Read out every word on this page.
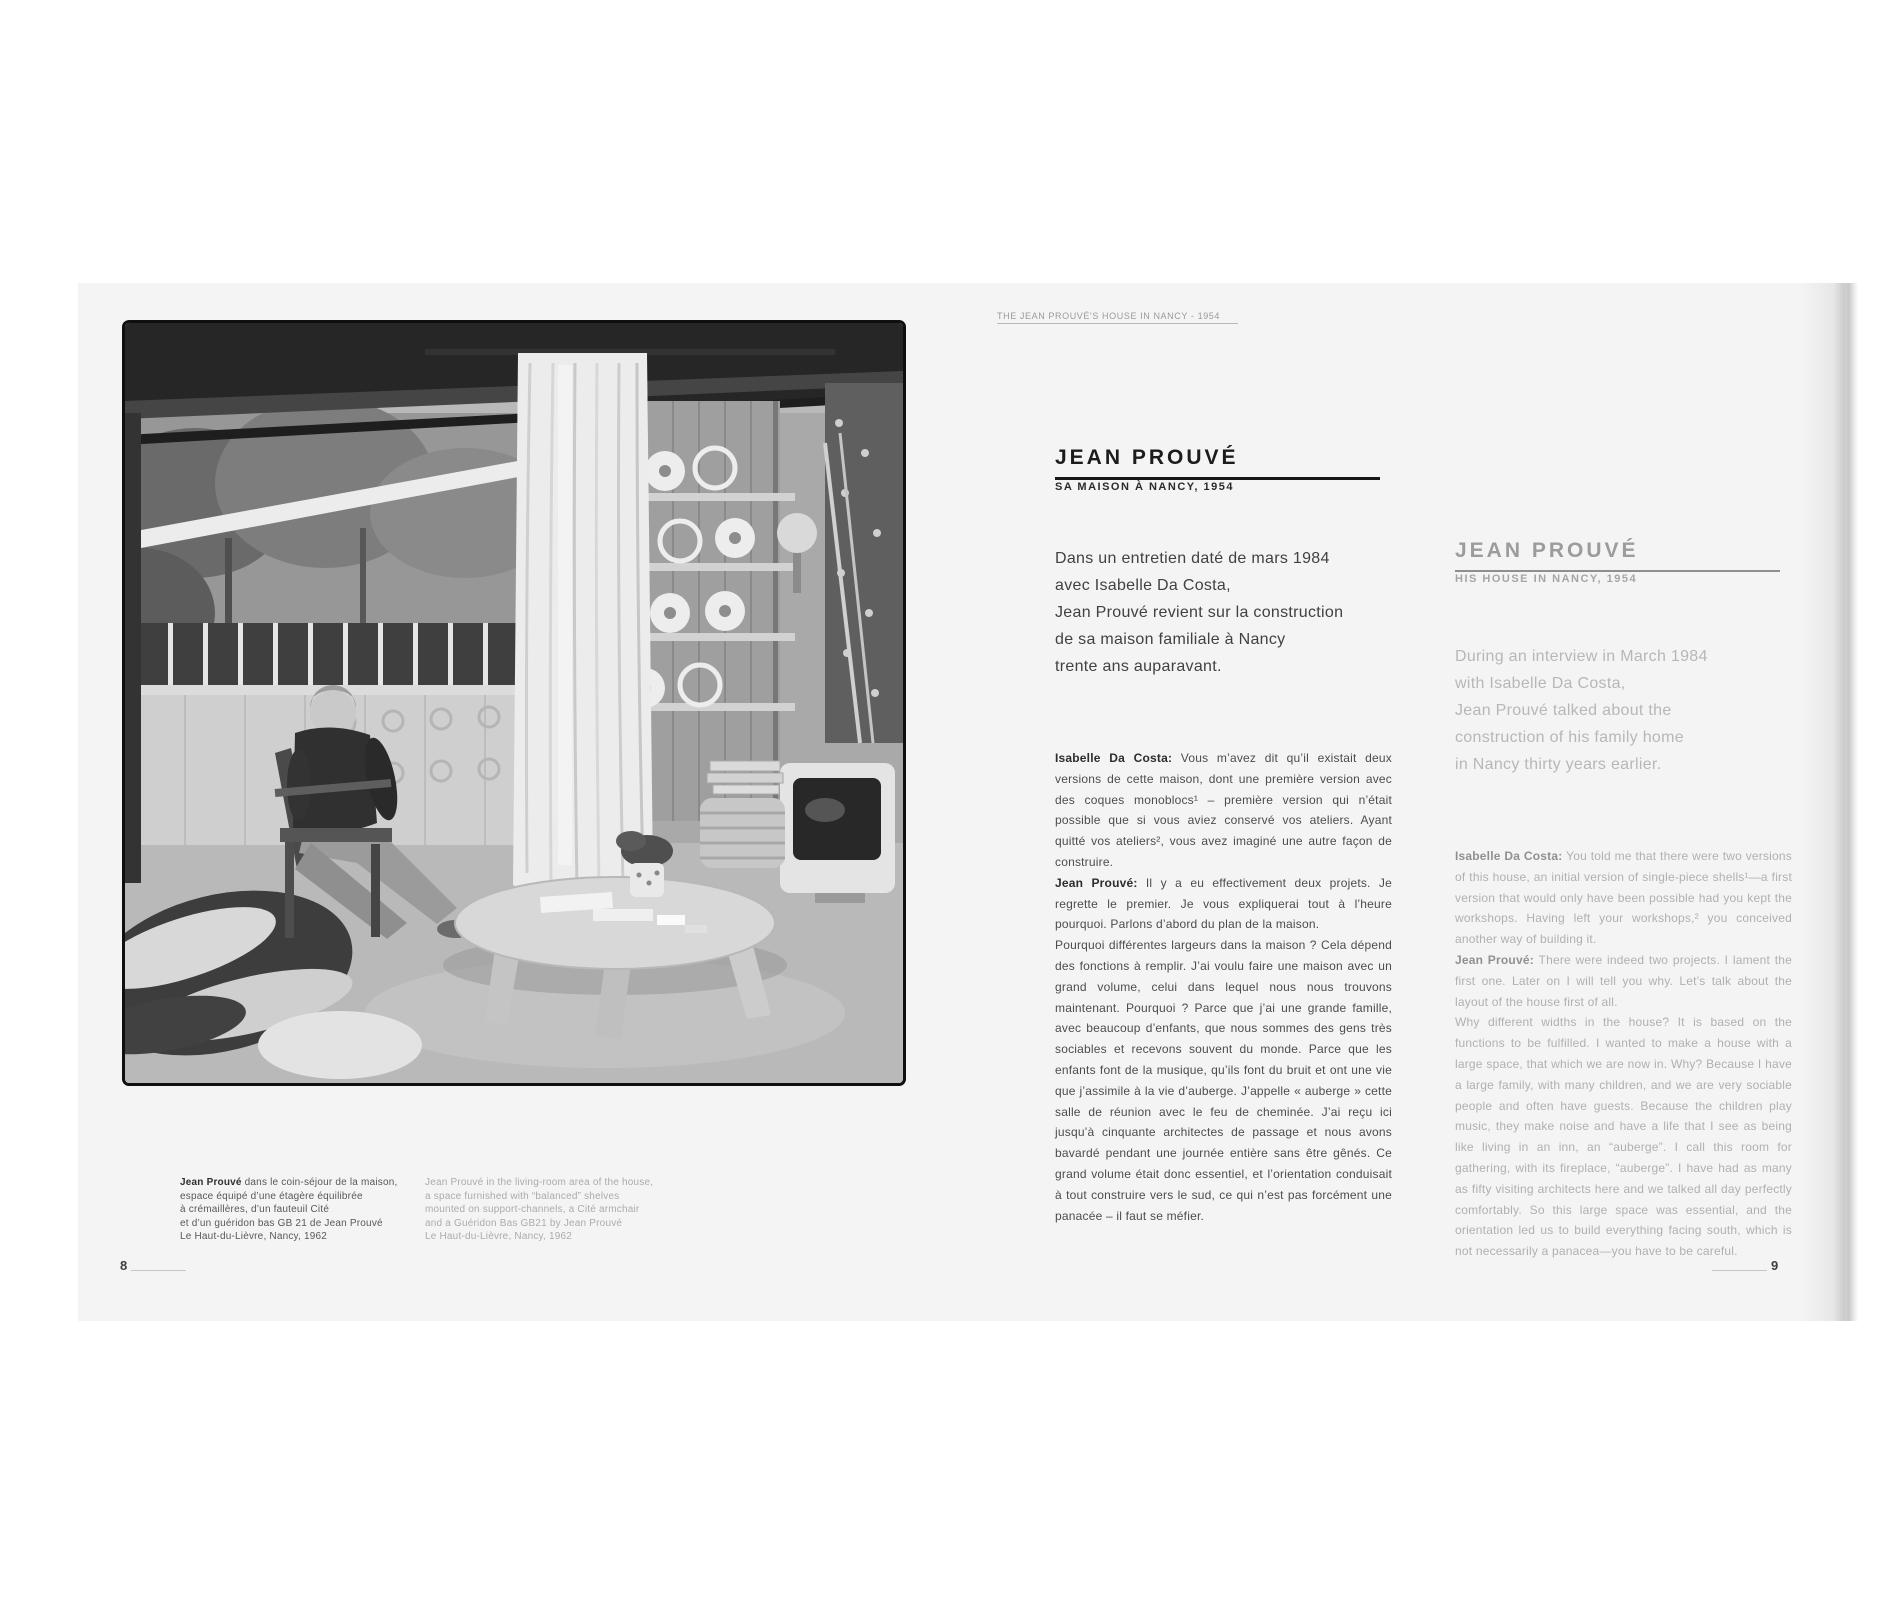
Jean Prouvé dans le coin-séjour de la maison,

espace équipé d’une étagère équilibrée

à crémaillères, d’un fauteuil Cité

et d’un guéridon bas GB 21 de Jean Prouvé

Le Haut-du-Lièvre, Nancy, 1962

Jean Prouvé in the living-room area of the house,
a space furnished with “balanced” shelves
mounted on support-channels, a Cité armchair
and a Guéridon Bas GB21 by Jean Prouvé
Le Haut-du-Lièvre, Nancy, 1962
8
THE JEAN PROUVÉ'S HOUSE IN NANCY - 1954
JEAN PROUVÉ
SA MAISON À NANCY, 1954
Dans un entretien daté de mars 1984
avec Isabelle Da Costa,
Jean Prouvé revient sur la construction
de sa maison familiale à Nancy
trente ans auparavant.

Isabelle Da Costa: Vous m’avez dit qu’il existait deux versions de cette maison, dont une première version avec des coques monoblocs¹ – première version qui n’était possible que si vous aviez conservé vos ateliers. Ayant quitté vos ateliers², vous avez imaginé une autre façon de construire.

Jean Prouvé: Il y a eu effectivement deux projets. Je regrette le premier. Je vous expliquerai tout à l’heure pourquoi. Parlons d’abord du plan de la maison.

Pourquoi différentes largeurs dans la maison ? Cela dépend des fonctions à remplir. J’ai voulu faire une maison avec un grand volume, celui dans lequel nous nous trouvons maintenant. Pourquoi ? Parce que j’ai une grande famille, avec beaucoup d’enfants, que nous sommes des gens très sociables et recevons souvent du monde. Parce que les enfants font de la musique, qu’ils font du bruit et ont une vie que j’assimile à la vie d’auberge. J’appelle « auberge » cette salle de réunion avec le feu de cheminée. J’ai reçu ici jusqu’à cinquante architectes de passage et nous avons bavardé pendant une journée entière sans être gênés. Ce grand volume était donc essentiel, et l’orientation conduisait à tout construire vers le sud, ce qui n’est pas forcément une panacée – il faut se méfier.

JEAN PROUVÉ
HIS HOUSE IN NANCY, 1954
During an interview in March 1984
with Isabelle Da Costa,
Jean Prouvé talked about the
construction of his family home
in Nancy thirty years earlier.

Isabelle Da Costa: You told me that there were two versions of this house, an initial version of single-piece shells¹—a first version that would only have been possible had you kept the workshops. Having left your workshops,² you conceived another way of building it.

Jean Prouvé: There were indeed two projects. I lament the first one. Later on I will tell you why. Let’s talk about the layout of the house first of all.

Why different widths in the house? It is based on the functions to be fulfilled. I wanted to make a house with a large space, that which we are now in. Why? Because I have a large family, with many children, and we are very sociable people and often have guests. Because the children play music, they make noise and have a life that I see as being like living in an inn, an “auberge”. I call this room for gathering, with its fireplace, “auberge”. I have had as many as fifty visiting architects here and we talked all day perfectly comfortably. So this large space was essential, and the orientation led us to build everything facing south, which is not necessarily a panacea—you have to be careful.

9
